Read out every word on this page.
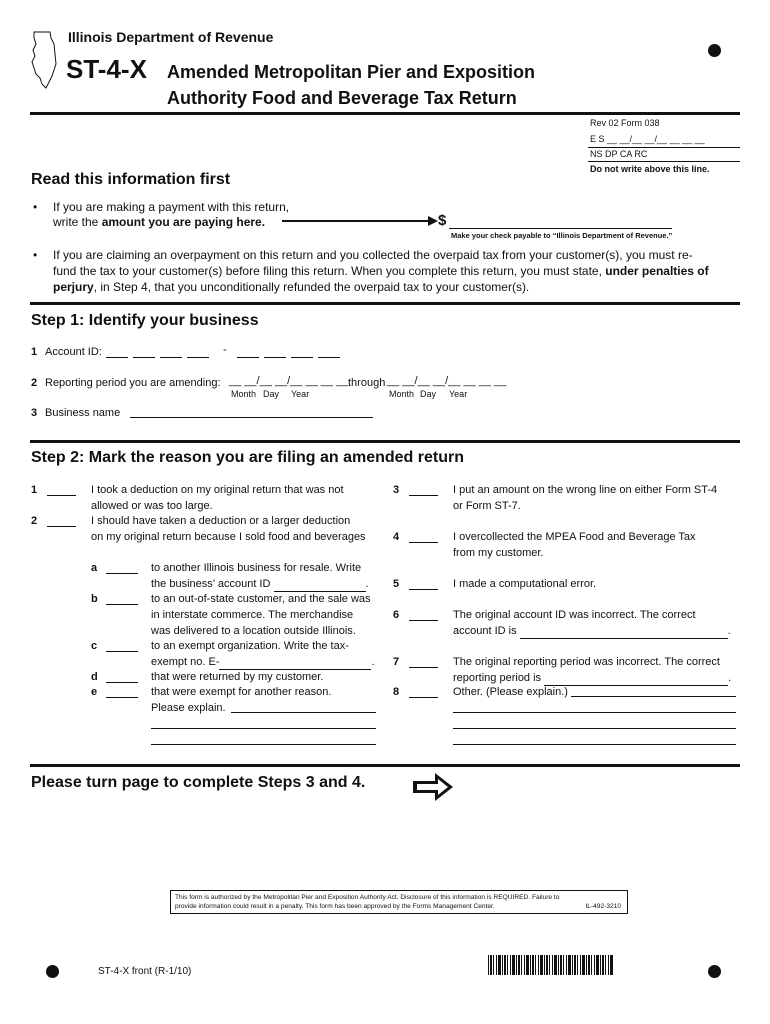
Illinois Department of Revenue
ST-4-X Amended Metropolitan Pier and Exposition
Authority Food and Beverage Tax Return
Rev 02 Form 038
E S __ __/__ __/__ __ __ __
NS DP CA RC
Do not write above this line.
Read this information first
• If you are making a payment with this return,
write the amount you are paying here.	$
Make your check payable to “Illinois Department of Revenue.”
• If you are claiming an overpayment on this return and you collected the overpaid tax from your customer(s), you must re-
fund the tax to your customer(s) before filing this return. When you complete this return, you must state, under penalties of
perjury, in Step 4, that you unconditionally refunded the overpaid tax to your customer(s).
Step 1: Identify your business
1 Account ID:	-
2 Reporting period you are amending: __ __/__ __/__ __ __ __ through __ __/__ __/__ __ __ __
Month Day Year	Month Day Year
3 Business name
Step 2: Mark the reason you are filing an amended return
1	I took a deduction on my original return that was not
allowed or was too large.
2	I should have taken a deduction or a larger deduction
on my original return because I sold food and beverages
a	to another Illinois business for resale. Write
the business’ account ID	.
b	to an out-of-state customer, and the sale was
in interstate commerce. The merchandise
was delivered to a location outside Illinois.
c	to an exempt organization. Write the tax-
exempt no. E-	.
d	that were returned by my customer.
e	that were exempt for another reason.
Please explain.
3	I put an amount on the wrong line on either Form ST-4
or Form ST-7.
4	I overcollected the MPEA Food and Beverage Tax
from my customer.
5	I made a computational error.
6	The original account ID was incorrect. The correct
account ID is	.
7	The original reporting period was incorrect. The correct
reporting period is	.
8	Other. (Please explain.)
Please turn page to complete Steps 3 and 4.
This form is authorized by the Metropolitan Pier and Exposition Authority Act. Disclosure of this information is REQUIRED. Failure to
provide information could result in a penalty. This form has been approved by the Forms Management Center.	IL-492-3210
ST-4-X front (R-1/10)
